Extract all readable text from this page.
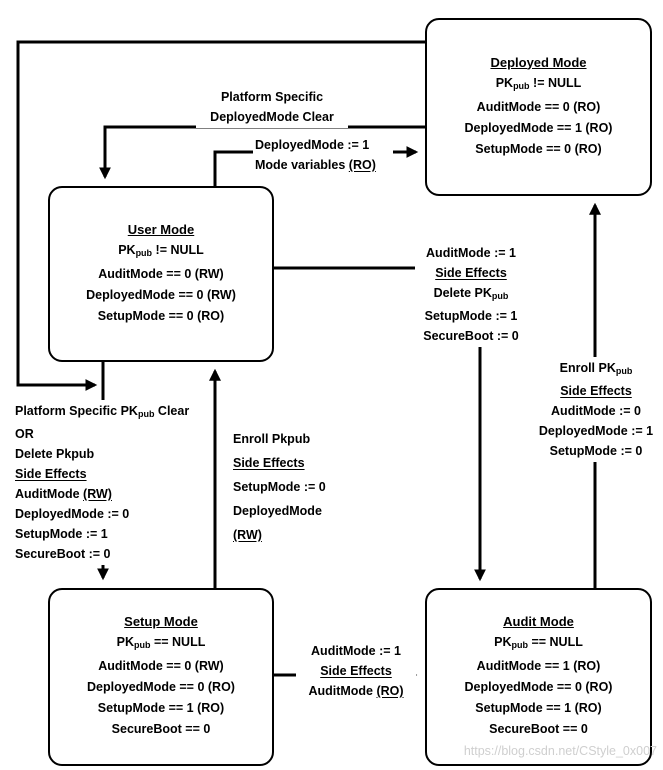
Platform Specific
DeployedMode Clear
DeployedMode := 1
Mode variables (RO)
AuditMode := 1
Side Effects
Delete $PK_{pub}$
SetupMode := 1
SecureBoot := 0
Enroll $PK_{pub}$
Side Effects
AuditMode := 0
DeployedMode := 1
SetupMode := 0
Platform Specific $PK_{pub}$ Clear
OR
Delete Pkpub
Side Effects
AuditMode (RW)
DeployedMode := 0
SetupMode := 1
SecureBoot := 0
Enroll Pkpub
Side Effects
SetupMode := 0
DeployedMode (RW)
AuditMode := 1
Side Effects
AuditMode (RO)
Deployed Mode
$PK_{pub}$ != NULL
AuditMode == 0 (RO)
DeployedMode == 1 (RO)
SetupMode == 0 (RO)
User Mode
$PK_{pub}$ != NULL
AuditMode == 0 (RW)
DeployedMode == 0 (RW)
SetupMode == 0 (RO)
Setup Mode
$PK_{pub}$ == NULL
AuditMode == 0 (RW)
DeployedMode == 0 (RO)
SetupMode == 1 (RO)
SecureBoot == 0
Audit Mode
$PK_{pub}$ == NULL
AuditMode == 1 (RO)
DeployedMode == 0 (RO)
SetupMode == 1 (RO)
SecureBoot == 0
https://blog.csdn.net/CStyle_0x007
